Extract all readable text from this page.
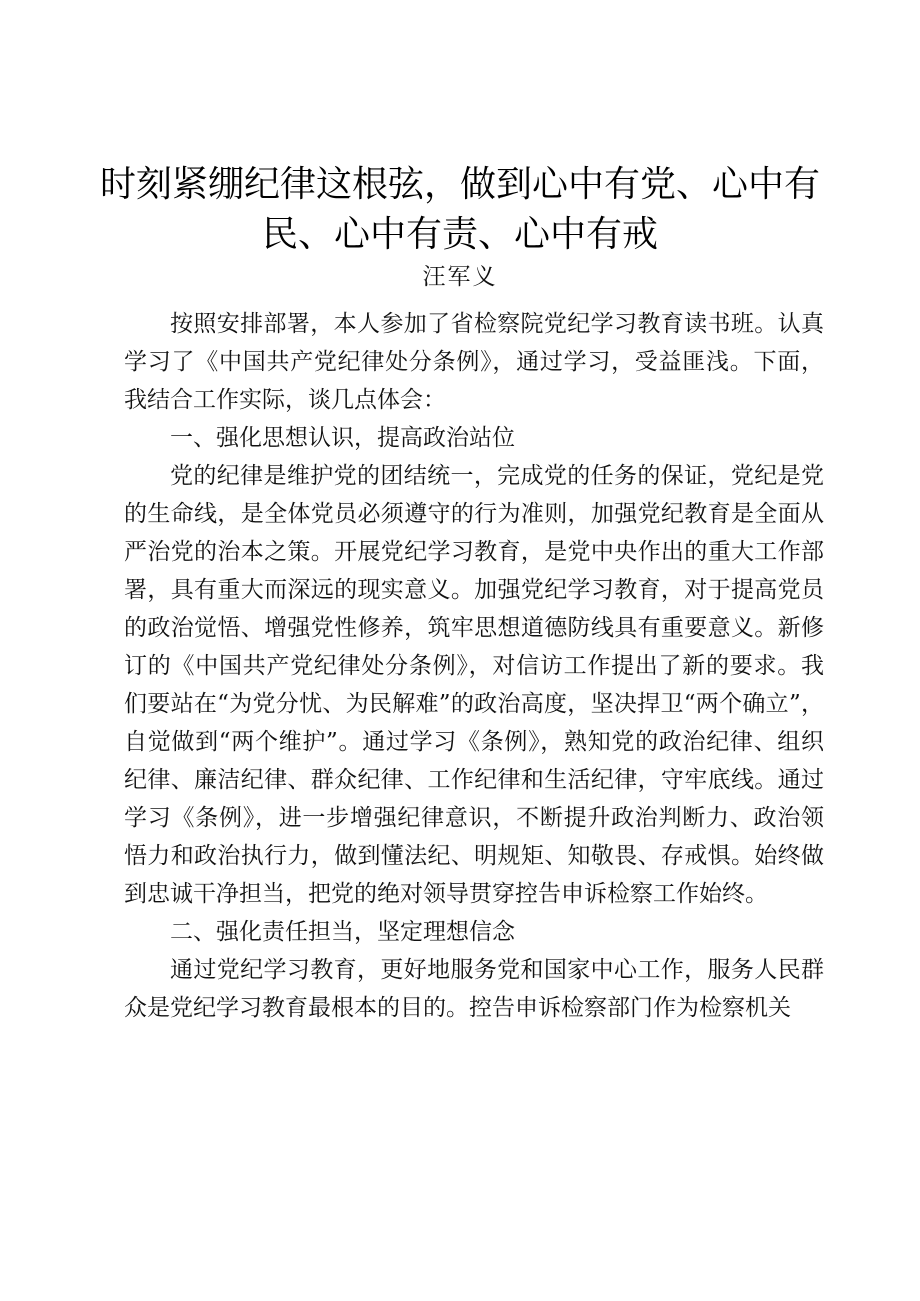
时刻紧绷纪律这根弦，做到心中有党、心中有
民、心中有责、心中有戒
汪军义

按照安排部署，本人参加了省检察院党纪学习教育读书班。认真学习了《中国共产党纪律处分条例》，通过学习，受益匪浅。下面，我结合工作实际，谈几点体会：

一、强化思想认识，提高政治站位

党的纪律是维护党的团结统一，完成党的任务的保证，党纪是党的生命线，是全体党员必须遵守的行为准则，加强党纪教育是全面从严治党的治本之策。开展党纪学习教育，是党中央作出的重大工作部署，具有重大而深远的现实意义。加强党纪学习教育，对于提高党员的政治觉悟、增强党性修养，筑牢思想道德防线具有重要意义。新修订的《中国共产党纪律处分条例》，对信访工作提出了新的要求。我们要站在“为党分忧、为民解难”的政治高度，坚决捍卫“两个确立”，自觉做到“两个维护”。通过学习《条例》，熟知党的政治纪律、组织纪律、廉洁纪律、群众纪律、工作纪律和生活纪律，守牢底线。通过学习《条例》，进一步增强纪律意识，不断提升政治判断力、政治领悟力和政治执行力，做到懂法纪、明规矩、知敬畏、存戒惧。始终做到忠诚干净担当，把党的绝对领导贯穿控告申诉检察工作始终。

二、强化责任担当，坚定理想信念

通过党纪学习教育，更好地服务党和国家中心工作，服务人民群众是党纪学习教育最根本的目的。控告申诉检察部门作为检察机关
